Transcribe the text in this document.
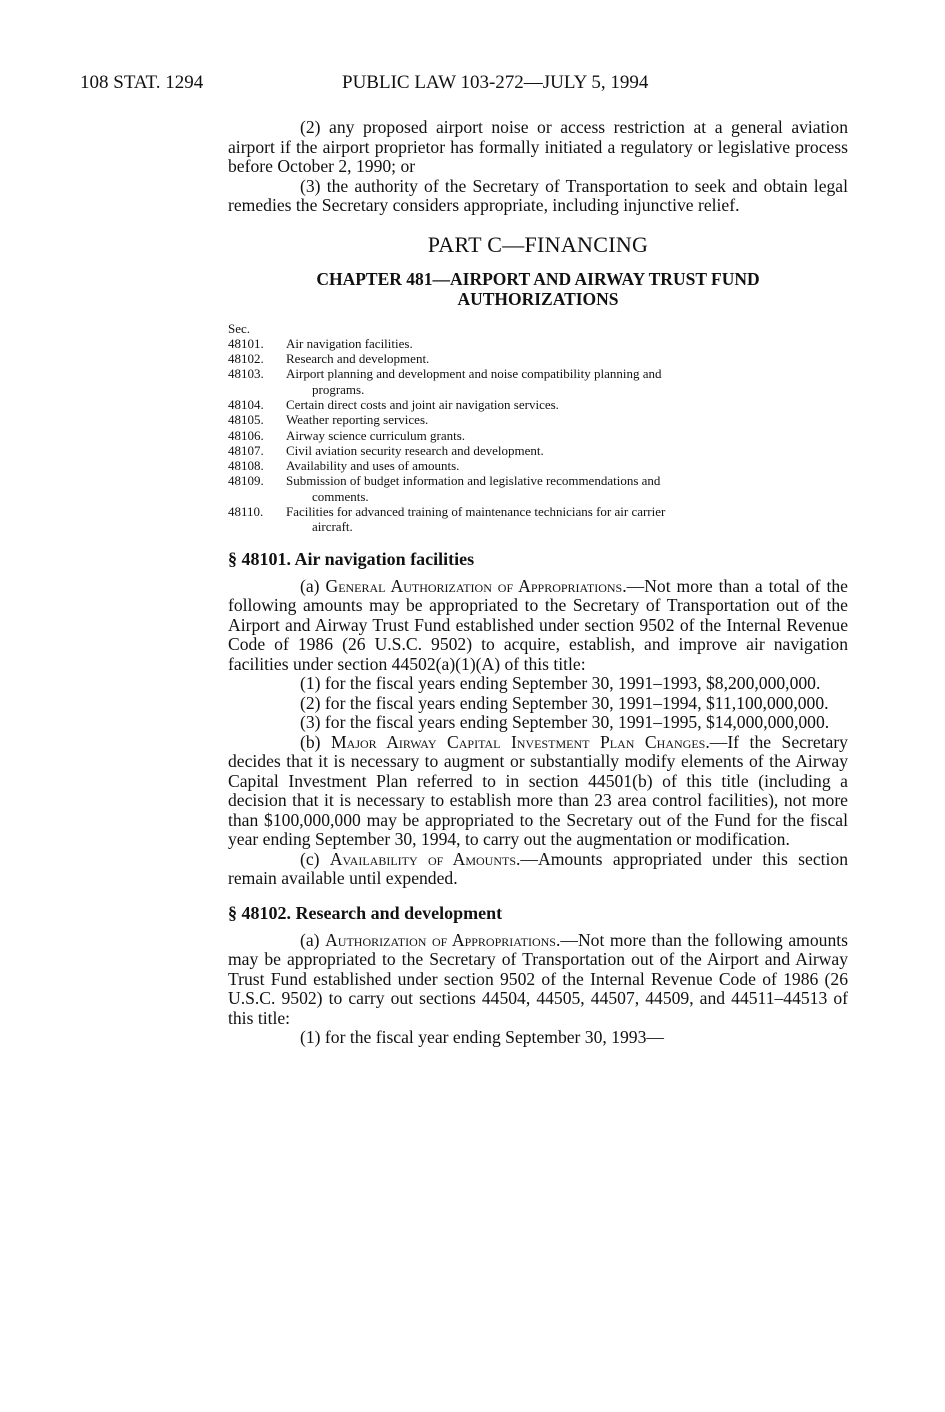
108 STAT. 1294	PUBLIC LAW 103-272—JULY 5, 1994

(2) any proposed airport noise or access restriction at a general aviation airport if the airport proprietor has formally initiated a regulatory or legislative process before October 2, 1990; or

(3) the authority of the Secretary of Transportation to seek and obtain legal remedies the Secretary considers appropriate, including injunctive relief.

PART C—FINANCING
CHAPTER 481—AIRPORT AND AIRWAY TRUST FUND
AUTHORIZATIONS
Sec.
48101.	Air navigation facilities.
48102.	Research and development.
48103.	Airport planning and development and noise compatibility planning and
programs.
48104.	Certain direct costs and joint air navigation services.
48105.	Weather reporting services.
48106.	Airway science curriculum grants.
48107.	Civil aviation security research and development.
48108.	Availability and uses of amounts.
48109.	Submission of budget information and legislative recommendations and
comments.
48110.	Facilities for advanced training of maintenance technicians for air carrier
aircraft.
§ 48101. Air navigation facilities

(a) General Authorization of Appropriations.—Not more than a total of the following amounts may be appropriated to the Secretary of Transportation out of the Airport and Airway Trust Fund established under section 9502 of the Internal Revenue Code of 1986 (26 U.S.C. 9502) to acquire, establish, and improve air navigation facilities under section 44502(a)(1)(A) of this title:

(1) for the fiscal years ending September 30, 1991–1993, $8,200,000,000.

(2) for the fiscal years ending September 30, 1991–1994, $11,100,000,000.

(3) for the fiscal years ending September 30, 1991–1995, $14,000,000,000.

(b) Major Airway Capital Investment Plan Changes.—If the Secretary decides that it is necessary to augment or substantially modify elements of the Airway Capital Investment Plan referred to in section 44501(b) of this title (including a decision that it is necessary to establish more than 23 area control facilities), not more than $100,000,000 may be appropriated to the Secretary out of the Fund for the fiscal year ending September 30, 1994, to carry out the augmentation or modification.

(c) Availability of Amounts.—Amounts appropriated under this section remain available until expended.

§ 48102. Research and development

(a) Authorization of Appropriations.—Not more than the following amounts may be appropriated to the Secretary of Transportation out of the Airport and Airway Trust Fund established under section 9502 of the Internal Revenue Code of 1986 (26 U.S.C. 9502) to carry out sections 44504, 44505, 44507, 44509, and 44511–44513 of this title:

(1) for the fiscal year ending September 30, 1993—
